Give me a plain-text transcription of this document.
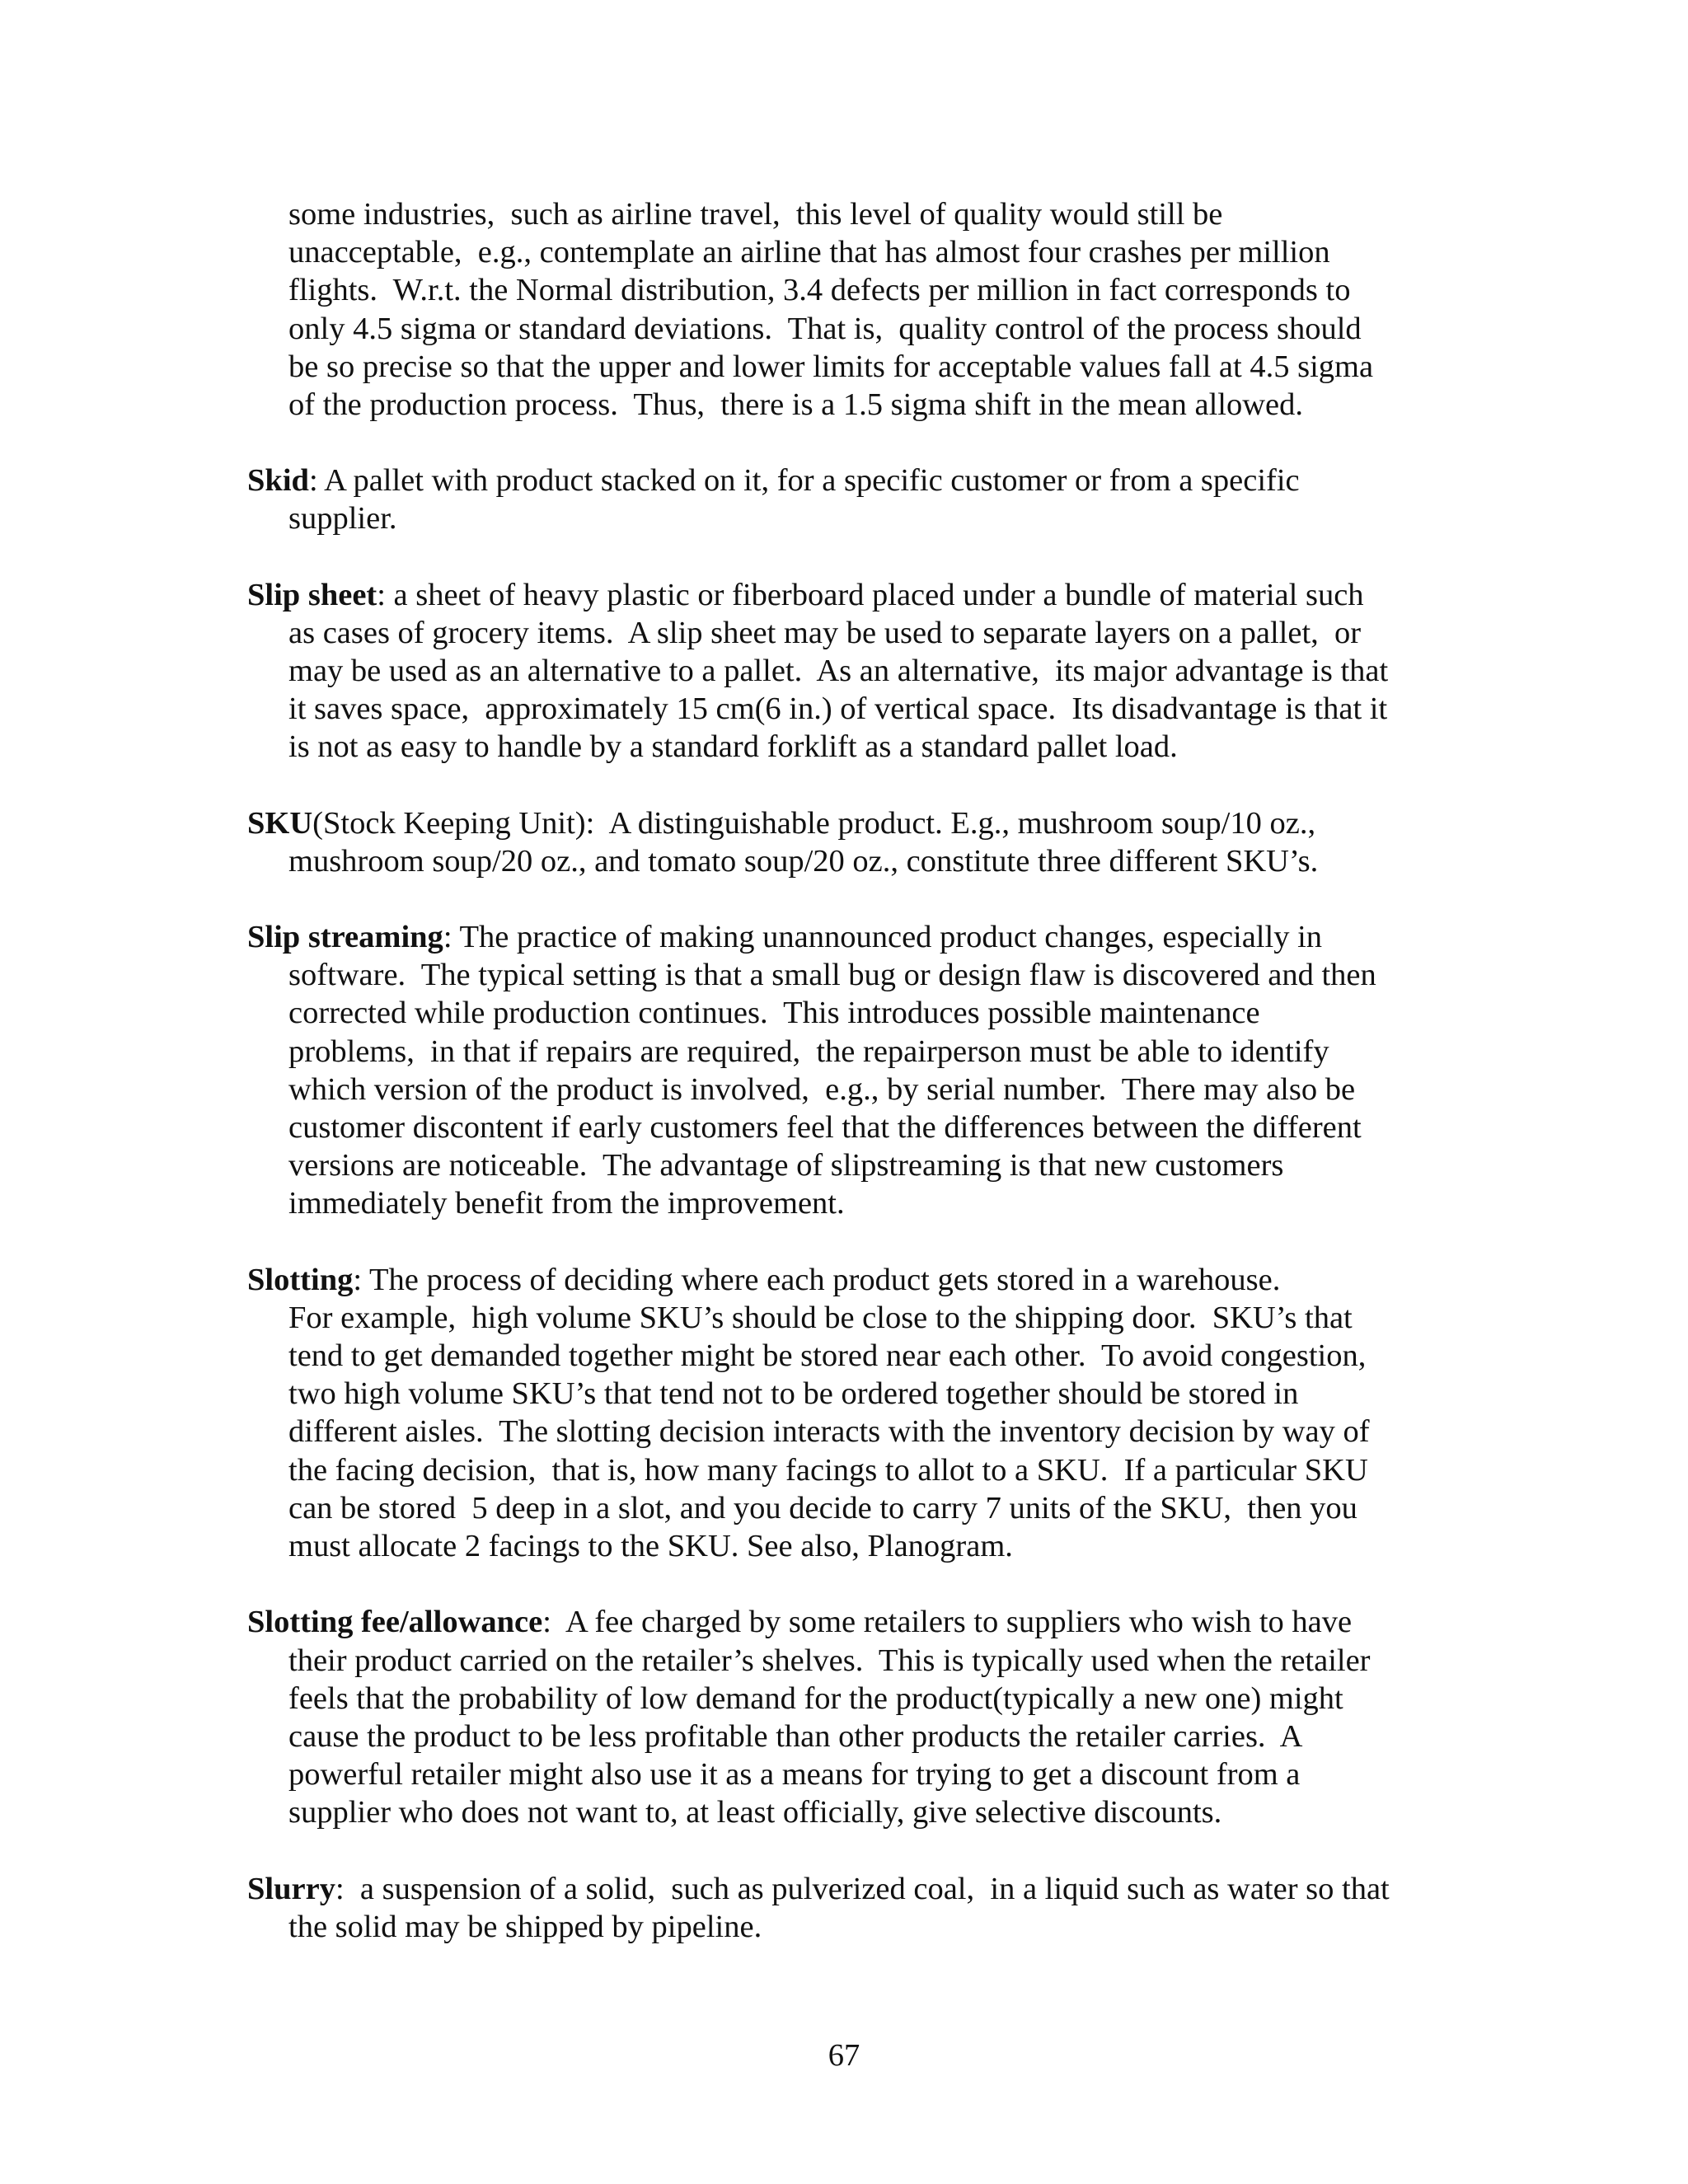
some industries,  such as airline travel,  this level of quality would still be
unacceptable,  e.g., contemplate an airline that has almost four crashes per million
flights.  W.r.t. the Normal distribution, 3.4 defects per million in fact corresponds to
only 4.5 sigma or standard deviations.  That is,  quality control of the process should
be so precise so that the upper and lower limits for acceptable values fall at 4.5 sigma
of the production process.  Thus,  there is a 1.5 sigma shift in the mean allowed.
Skid: A pallet with product stacked on it, for a specific customer or from a specific
supplier.
Slip sheet: a sheet of heavy plastic or fiberboard placed under a bundle of material such
as cases of grocery items.  A slip sheet may be used to separate layers on a pallet,  or
may be used as an alternative to a pallet.  As an alternative,  its major advantage is that
it saves space,  approximately 15 cm(6 in.) of vertical space.  Its disadvantage is that it
is not as easy to handle by a standard forklift as a standard pallet load.
SKU(Stock Keeping Unit):  A distinguishable product. E.g., mushroom soup/10 oz.,
mushroom soup/20 oz., and tomato soup/20 oz., constitute three different SKU’s.
Slip streaming: The practice of making unannounced product changes, especially in
software.  The typical setting is that a small bug or design flaw is discovered and then
corrected while production continues.  This introduces possible maintenance
problems,  in that if repairs are required,  the repairperson must be able to identify
which version of the product is involved,  e.g., by serial number.  There may also be
customer discontent if early customers feel that the differences between the different
versions are noticeable.  The advantage of slipstreaming is that new customers
immediately benefit from the improvement.
Slotting: The process of deciding where each product gets stored in a warehouse.
For example,  high volume SKU’s should be close to the shipping door.  SKU’s that
tend to get demanded together might be stored near each other.  To avoid congestion,
two high volume SKU’s that tend not to be ordered together should be stored in
different aisles.  The slotting decision interacts with the inventory decision by way of
the facing decision,  that is, how many facings to allot to a SKU.  If a particular SKU
can be stored  5 deep in a slot, and you decide to carry 7 units of the SKU,  then you
must allocate 2 facings to the SKU. See also, Planogram.
Slotting fee/allowance:  A fee charged by some retailers to suppliers who wish to have
their product carried on the retailer’s shelves.  This is typically used when the retailer
feels that the probability of low demand for the product(typically a new one) might
cause the product to be less profitable than other products the retailer carries.  A
powerful retailer might also use it as a means for trying to get a discount from a
supplier who does not want to, at least officially, give selective discounts.
Slurry:  a suspension of a solid,  such as pulverized coal,  in a liquid such as water so that
the solid may be shipped by pipeline.
67
